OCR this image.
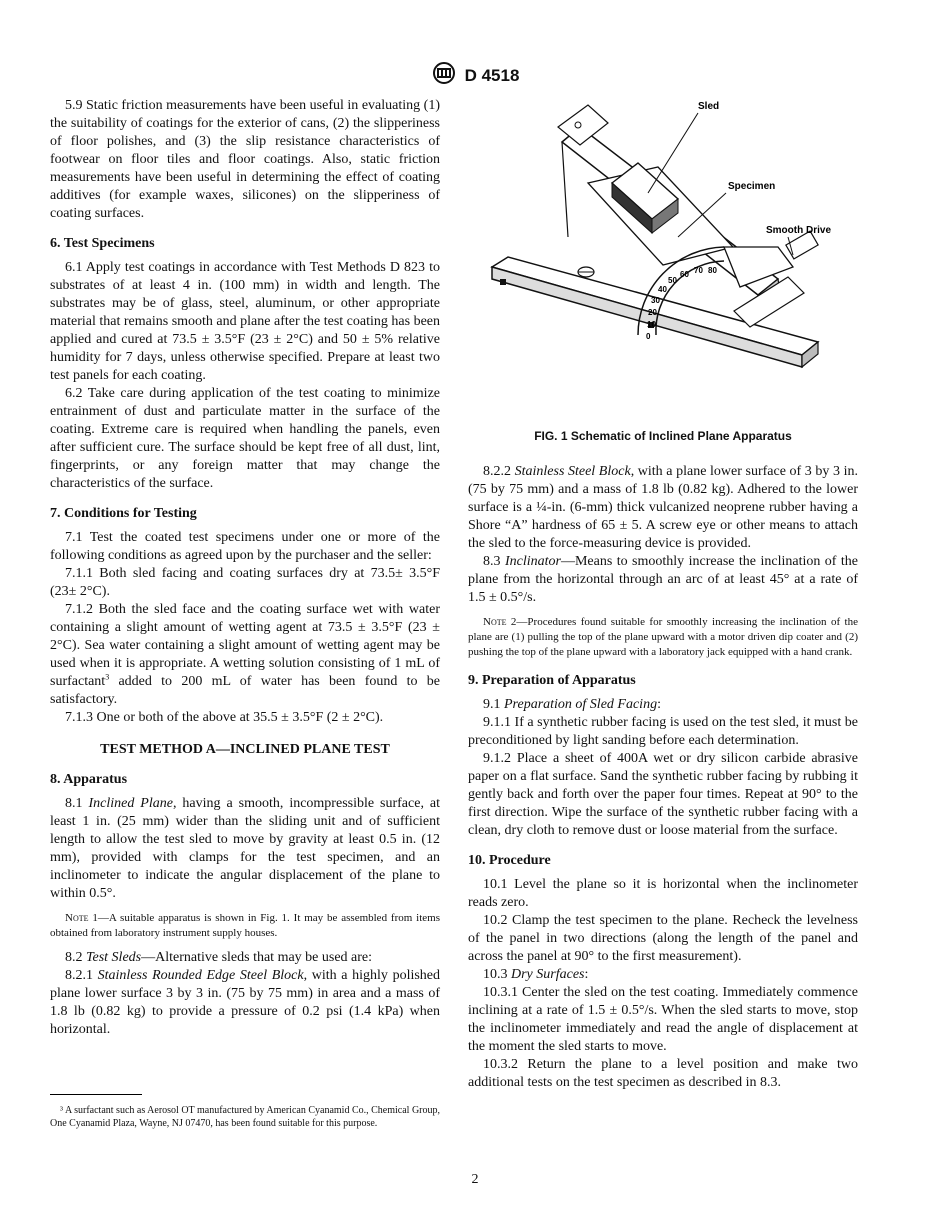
D 4518

5.9 Static friction measurements have been useful in evaluating (1) the suitability of coatings for the exterior of cans, (2) the slipperiness of floor polishes, and (3) the slip resistance characteristics of footwear on floor tiles and floor coatings. Also, static friction measurements have been useful in determining the effect of coating additives (for example waxes, silicones) on the slipperiness of coating surfaces.

6. Test Specimens

6.1 Apply test coatings in accordance with Test Methods D 823 to substrates of at least 4 in. (100 mm) in width and length. The substrates may be of glass, steel, aluminum, or other appropriate material that remains smooth and plane after the test coating has been applied and cured at 73.5 ± 3.5°F (23 ± 2°C) and 50 ± 5% relative humidity for 7 days, unless otherwise specified. Prepare at least two test panels for each coating.

6.2 Take care during application of the test coating to minimize entrainment of dust and particulate matter in the surface of the coating. Extreme care is required when handling the panels, even after sufficient cure. The surface should be kept free of all dust, lint, fingerprints, or any foreign matter that may change the characteristics of the surface.

7. Conditions for Testing

7.1 Test the coated test specimens under one or more of the following conditions as agreed upon by the purchaser and the seller:

7.1.1 Both sled facing and coating surfaces dry at 73.5± 3.5°F (23± 2°C).

7.1.2 Both the sled face and the coating surface wet with water containing a slight amount of wetting agent at 73.5 ± 3.5°F (23 ± 2°C). Sea water containing a slight amount of wetting agent may be used when it is appropriate. A wetting solution consisting of 1 mL of surfactant$^3$ added to 200 mL of water has been found to be satisfactory.

7.1.3 One or both of the above at 35.5 ± 3.5°F (2 ± 2°C).

TEST METHOD A—INCLINED PLANE TEST
8. Apparatus

8.1 Inclined Plane, having a smooth, incompressible surface, at least 1 in. (25 mm) wider than the sliding unit and of sufficient length to allow the test sled to move by gravity at least 0.5 in. (12 mm), provided with clamps for the test specimen, and an inclinometer to indicate the angular displacement of the plane to within 0.5°.

Note 1—A suitable apparatus is shown in Fig. 1. It may be assembled from items obtained from laboratory instrument supply houses.

8.2 Test Sleds—Alternative sleds that may be used are:

8.2.1 Stainless Rounded Edge Steel Block, with a highly polished plane lower surface 3 by 3 in. (75 by 75 mm) in area and a mass of 1.8 lb (0.82 kg) to provide a pressure of 0.2 psi (1.4 kPa) when horizontal.

³ A surfactant such as Aerosol OT manufactured by American Cyanamid Co., Chemical Group, One Cyanamid Plaza, Wayne, NJ 07470, has been found suitable for this purpose.
0
10
20
30
40
50
60 70 80
Sled
Specimen
Smooth Drive

FIG. 1 Schematic of Inclined Plane Apparatus

8.2.2 Stainless Steel Block, with a plane lower surface of 3 by 3 in. (75 by 75 mm) and a mass of 1.8 lb (0.82 kg). Adhered to the lower surface is a ¼-in. (6-mm) thick vulcanized neoprene rubber having a Shore “A” hardness of 65 ± 5. A screw eye or other means to attach the sled to the force-measuring device is provided.

8.3 Inclinator—Means to smoothly increase the inclination of the plane from the horizontal through an arc of at least 45° at a rate of 1.5 ± 0.5°/s.

Note 2—Procedures found suitable for smoothly increasing the inclination of the plane are (1) pulling the top of the plane upward with a motor driven dip coater and (2) pushing the top of the plane upward with a laboratory jack equipped with a hand crank.

9. Preparation of Apparatus

9.1 Preparation of Sled Facing:

9.1.1 If a synthetic rubber facing is used on the test sled, it must be preconditioned by light sanding before each determination.

9.1.2 Place a sheet of 400A wet or dry silicon carbide abrasive paper on a flat surface. Sand the synthetic rubber facing by rubbing it gently back and forth over the paper four times. Repeat at 90° to the first direction. Wipe the surface of the synthetic rubber facing with a clean, dry cloth to remove dust or loose material from the surface.

10. Procedure

10.1 Level the plane so it is horizontal when the inclinometer reads zero.

10.2 Clamp the test specimen to the plane. Recheck the levelness of the panel in two directions (along the length of the panel and across the panel at 90° to the first measurement).

10.3 Dry Surfaces:

10.3.1 Center the sled on the test coating. Immediately commence inclining at a rate of 1.5 ± 0.5°/s. When the sled starts to move, stop the inclinometer immediately and read the angle of displacement at the moment the sled starts to move.

10.3.2 Return the plane to a level position and make two additional tests on the test specimen as described in 8.3.

2
